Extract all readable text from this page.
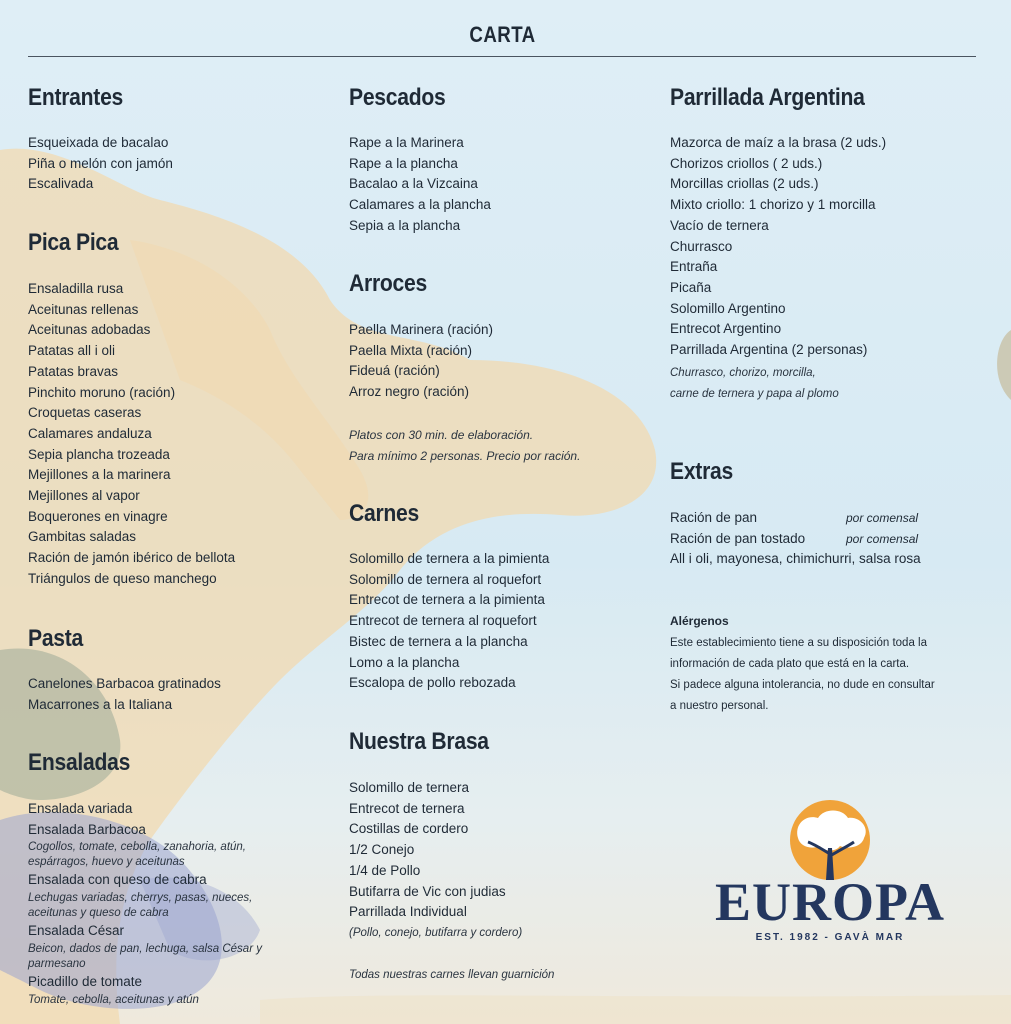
CARTA
Entrantes
Esqueixada de bacalao
Piña o melón con jamón
Escalivada
Pica Pica
Ensaladilla rusa
Aceitunas rellenas
Aceitunas adobadas
Patatas all i oli
Patatas bravas
Pinchito moruno (ración)
Croquetas caseras
Calamares andaluza
Sepia plancha trozeada
Mejillones a la marinera
Mejillones al vapor
Boquerones en vinagre
Gambitas saladas
Ración de jamón ibérico de bellota
Triángulos de queso manchego
Pasta
Canelones Barbacoa gratinados
Macarrones a la Italiana
Ensaladas
Ensalada variada
Ensalada Barbacoa
Cogollos, tomate, cebolla, zanahoria, atún, espárragos, huevo y aceitunas
Ensalada con queso de cabra
Lechugas variadas, cherrys, pasas, nueces, aceitunas y queso de cabra
Ensalada César
Beicon, dados de pan, lechuga, salsa César y parmesano
Picadillo de tomate
Tomate, cebolla, aceitunas y atún
Pescados
Rape a la Marinera
Rape a la plancha
Bacalao a la Vizcaina
Calamares a la plancha
Sepia a la plancha
Arroces
Paella Marinera (ración)
Paella Mixta (ración)
Fideuá (ración)
Arroz negro (ración)
Platos con 30 min. de elaboración.
Para mínimo 2 personas. Precio por ración.
Carnes
Solomillo de ternera a la pimienta
Solomillo de ternera al roquefort
Entrecot de ternera a la pimienta
Entrecot de ternera al roquefort
Bistec de ternera a la plancha
Lomo a la plancha
Escalopa de pollo rebozada
Nuestra Brasa
Solomillo de ternera
Entrecot de ternera
Costillas de cordero
1/2 Conejo
1/4 de Pollo
Butifarra de Vic con judias
Parrillada Individual
(Pollo, conejo, butifarra y cordero)
Todas nuestras carnes llevan guarnición
Parrillada Argentina
Mazorca de maíz a la brasa (2 uds.)
Chorizos criollos ( 2 uds.)
Morcillas criollas (2 uds.)
Mixto criollo: 1 chorizo y 1 morcilla
Vacío de ternera
Churrasco
Entraña
Picaña
Solomillo Argentino
Entrecot Argentino
Parrillada Argentina (2 personas)
Churrasco, chorizo, morcilla,
carne de ternera y papa al plomo
Extras
Ración de pan	por comensal
Ración de pan tostado	por comensal
All i oli, mayonesa, chimichurri, salsa rosa
Alérgenos
Este establecimiento tiene a su disposición toda la
información de cada plato que está en la carta.
Si padece alguna intolerancia, no dude en consultar
a nuestro personal.
EUROPA
EST. 1982 - GAVÀ MAR
